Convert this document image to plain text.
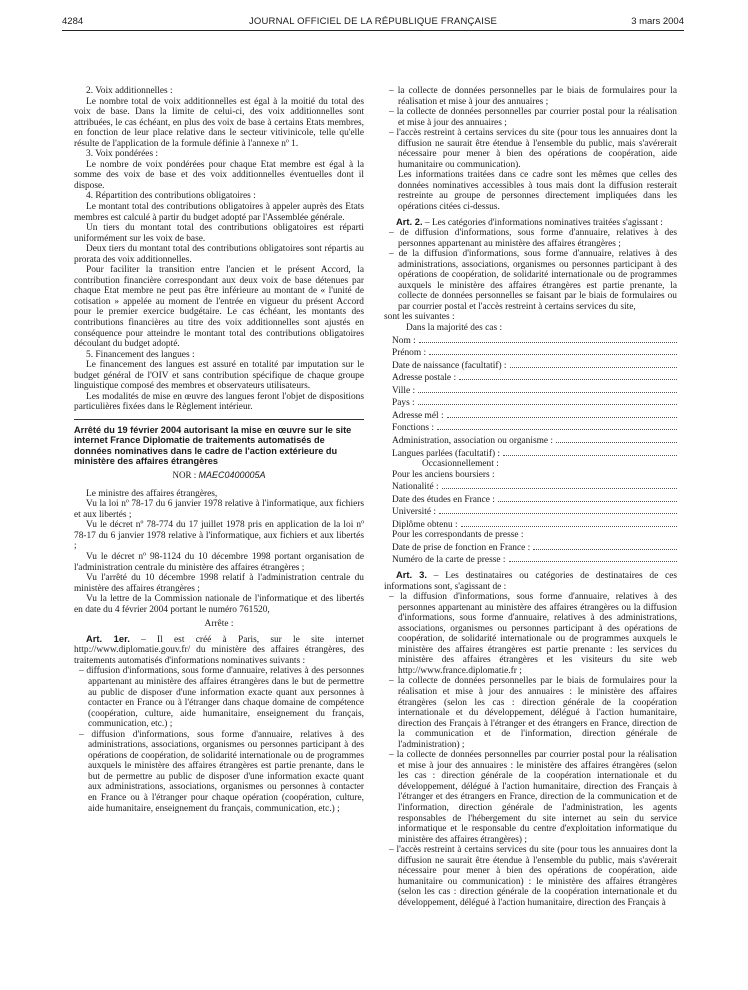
4284	JOURNAL OFFICIEL DE LA RÉPUBLIQUE FRANÇAISE	3 mars 2004

2. Voix additionnelles :

Le nombre total de voix additionnelles est égal à la moitié du total des voix de base. Dans la limite de celui-ci, des voix additionnelles sont attribuées, le cas échéant, en plus des voix de base à certains Etats membres, en fonction de leur place relative dans le secteur vitivinicole, telle qu'elle résulte de l'application de la formule définie à l'annexe nº 1.

3. Voix pondérées :

Le nombre de voix pondérées pour chaque Etat membre est égal à la somme des voix de base et des voix additionnelles éventuelles dont il dispose.

4. Répartition des contributions obligatoires :

Le montant total des contributions obligatoires à appeler auprès des Etats membres est calculé à partir du budget adopté par l'Assemblée générale.

Un tiers du montant total des contributions obligatoires est réparti uniformément sur les voix de base.

Deux tiers du montant total des contributions obligatoires sont répartis au prorata des voix additionnelles.

Pour faciliter la transition entre l'ancien et le présent Accord, la contribution financière correspondant aux deux voix de base détenues par chaque Etat membre ne peut pas être inférieure au montant de « l'unité de cotisation » appelée au moment de l'entrée en vigueur du présent Accord pour le premier exercice budgétaire. Le cas échéant, les montants des contributions financières au titre des voix additionnelles sont ajustés en conséquence pour atteindre le montant total des contributions obligatoires découlant du budget adopté.

5. Financement des langues :

Le financement des langues est assuré en totalité par imputation sur le budget général de l'OIV et sans contribution spécifique de chaque groupe linguistique composé des membres et observateurs utilisateurs.

Les modalités de mise en œuvre des langues feront l'objet de dispositions particulières fixées dans le Règlement intérieur.

Arrêté du 19 février 2004 autorisant la mise en œuvre sur le site internet France Diplomatie de traitements automatisés de données nominatives dans le cadre de l'action extérieure du ministère des affaires étrangères

NOR : MAEC0400005A

Le ministre des affaires étrangères,

Vu la loi nº 78-17 du 6 janvier 1978 relative à l'informatique, aux fichiers et aux libertés ;

Vu le décret nº 78-774 du 17 juillet 1978 pris en application de la loi nº 78-17 du 6 janvier 1978 relative à l'informatique, aux fichiers et aux libertés ;

Vu le décret nº 98-1124 du 10 décembre 1998 portant organisation de l'administration centrale du ministère des affaires étrangères ;

Vu l'arrêté du 10 décembre 1998 relatif à l'administration centrale du ministère des affaires étrangères ;

Vu la lettre de la Commission nationale de l'informatique et des libertés en date du 4 février 2004 portant le numéro 761520,

Arrête :

Art. 1er. – Il est créé à Paris, sur le site internet http://www.diplomatie.gouv.fr/ du ministère des affaires étrangères, des traitements automatisés d'informations nominatives suivants :

– diffusion d'informations, sous forme d'annuaire, relatives à des personnes appartenant au ministère des affaires étrangères dans le but de permettre au public de disposer d'une information exacte quant aux personnes à contacter en France ou à l'étranger dans chaque domaine de compétence (coopération, culture, aide humanitaire, enseignement du français, communication, etc.) ;

– diffusion d'informations, sous forme d'annuaire, relatives à des administrations, associations, organismes ou personnes participant à des opérations de coopération, de solidarité internationale ou de programmes auxquels le ministère des affaires étrangères est partie prenante, dans le but de permettre au public de disposer d'une information exacte quant aux administrations, associations, organismes ou personnes à contacter en France ou à l'étranger pour chaque opération (coopération, culture, aide humanitaire, enseignement du français, communication, etc.) ;

– la collecte de données personnelles par le biais de formulaires pour la réalisation et mise à jour des annuaires ;

– la collecte de données personnelles par courrier postal pour la réalisation et mise à jour des annuaires ;

– l'accès restreint à certains services du site (pour tous les annuaires dont la diffusion ne saurait être étendue à l'ensemble du public, mais s'avérerait nécessaire pour mener à bien des opérations de coopération, aide humanitaire ou communication).

Les informations traitées dans ce cadre sont les mêmes que celles des données nominatives accessibles à tous mais dont la diffusion resterait restreinte au groupe de personnes directement impliquées dans les opérations citées ci-dessus.

Art. 2. – Les catégories d'informations nominatives traitées s'agissant :

– de diffusion d'informations, sous forme d'annuaire, relatives à des personnes appartenant au ministère des affaires étrangères ;

– de la diffusion d'informations, sous forme d'annuaire, relatives à des administrations, associations, organismes ou personnes participant à des opérations de coopération, de solidarité internationale ou de programmes auxquels le ministère des affaires étrangères est partie prenante, la collecte de données personnelles se faisant par le biais de formulaires ou par courrier postal et l'accès restreint à certains services du site,

sont les suivantes :

Dans la majorité des cas :

Nom :
Prénom :
Date de naissance (facultatif) :
Adresse postale :
Ville :
Pays :
Adresse mél :
Fonctions :
Administration, association ou organisme :
Langues parlées (facultatif) :

Occasionnellement :

Pour les anciens boursiers :

Nationalité :
Date des études en France :
Université :
Diplôme obtenu :

Pour les correspondants de presse :

Date de prise de fonction en France :
Numéro de la carte de presse :

Art. 3. – Les destinataires ou catégories de destinataires de ces informations sont, s'agissant de :

– la diffusion d'informations, sous forme d'annuaire, relatives à des personnes appartenant au ministère des affaires étrangères ou la diffusion d'informations, sous forme d'annuaire, relatives à des administrations, associations, organismes ou personnes participant à des opérations de coopération, de solidarité internationale ou de programmes auxquels le ministère des affaires étrangères est partie prenante : les services du ministère des affaires étrangères et les visiteurs du site web http://www.france.diplomatie.fr ;

– la collecte de données personnelles par le biais de formulaires pour la réalisation et mise à jour des annuaires : le ministère des affaires étrangères (selon les cas : direction générale de la coopération internationale et du développement, délégué à l'action humanitaire, direction des Français à l'étranger et des étrangers en France, direction de la communication et de l'information, direction générale de l'administration) ;

– la collecte de données personnelles par courrier postal pour la réalisation et mise à jour des annuaires : le ministère des affaires étrangères (selon les cas : direction générale de la coopération internationale et du développement, délégué à l'action humanitaire, direction des Français à l'étranger et des étrangers en France, direction de la communication et de l'information, direction générale de l'administration, les agents responsables de l'hébergement du site internet au sein du service informatique et le responsable du centre d'exploitation informatique du ministère des affaires étrangères) ;

– l'accès restreint à certains services du site (pour tous les annuaires dont la diffusion ne saurait être étendue à l'ensemble du public, mais s'avérerait nécessaire pour mener à bien des opérations de coopération, aide humanitaire ou communication) : le ministère des affaires étrangères (selon les cas : direction générale de la coopération internationale et du développement, délégué à l'action humanitaire, direction des Français à
